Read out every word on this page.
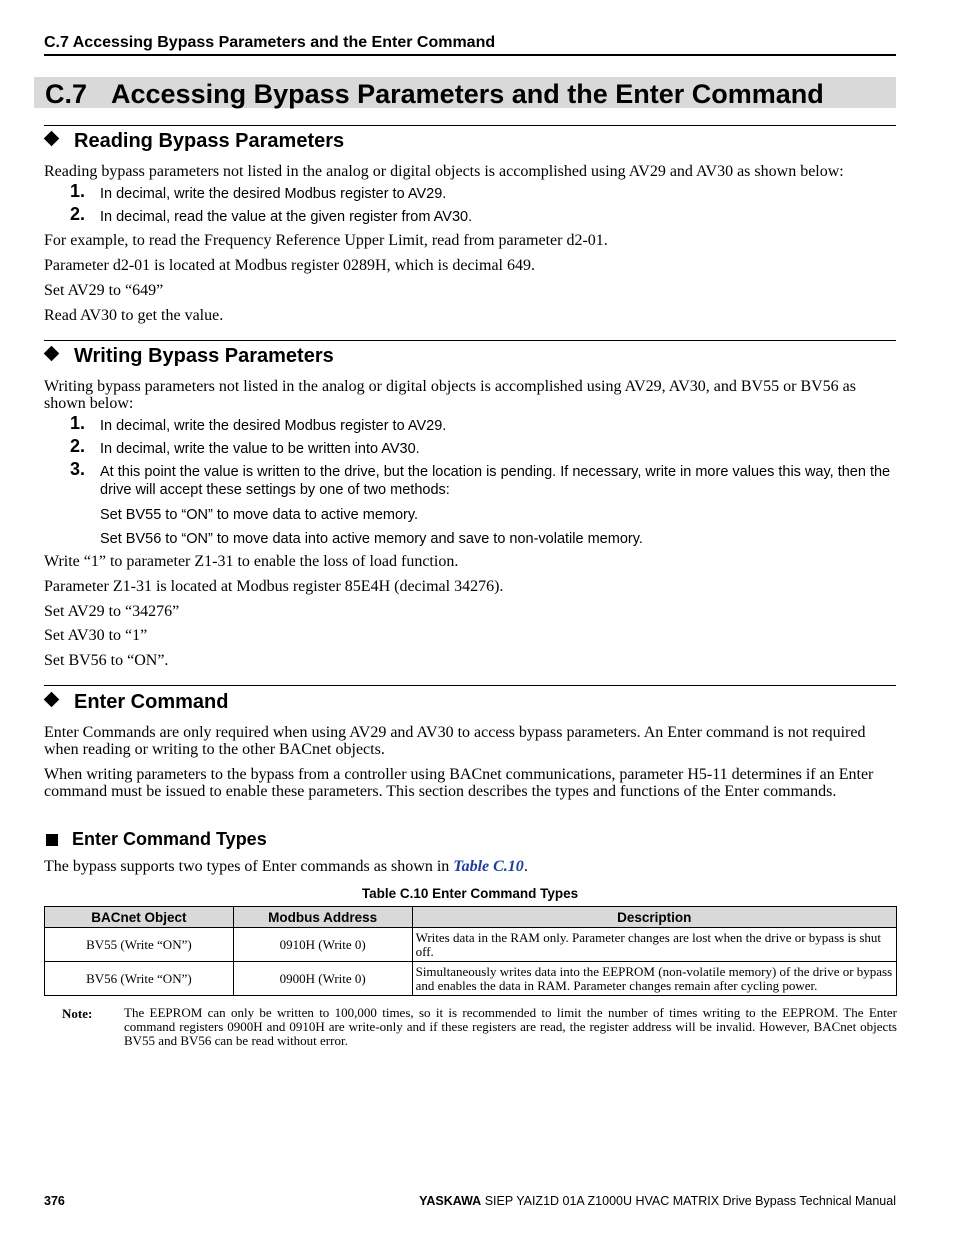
C.7 Accessing Bypass Parameters and the Enter Command
C.7 Accessing Bypass Parameters and the Enter Command
Reading Bypass Parameters
Reading bypass parameters not listed in the analog or digital objects is accomplished using AV29 and AV30 as shown below:
1. In decimal, write the desired Modbus register to AV29.
2. In decimal, read the value at the given register from AV30.
For example, to read the Frequency Reference Upper Limit, read from parameter d2-01.
Parameter d2-01 is located at Modbus register 0289H, which is decimal 649.
Set AV29 to “649”
Read AV30 to get the value.
Writing Bypass Parameters
Writing bypass parameters not listed in the analog or digital objects is accomplished using AV29, AV30, and BV55 or BV56 as shown below:
1. In decimal, write the desired Modbus register to AV29.
2. In decimal, write the value to be written into AV30.
3. At this point the value is written to the drive, but the location is pending. If necessary, write in more values this way, then the drive will accept these settings by one of two methods:
Set BV55 to “ON” to move data to active memory.
Set BV56 to “ON” to move data into active memory and save to non-volatile memory.
Write “1” to parameter Z1-31 to enable the loss of load function.
Parameter Z1-31 is located at Modbus register 85E4H (decimal 34276).
Set AV29 to “34276”
Set AV30 to “1”
Set BV56 to “ON”.
Enter Command
Enter Commands are only required when using AV29 and AV30 to access bypass parameters. An Enter command is not required when reading or writing to the other BACnet objects.
When writing parameters to the bypass from a controller using BACnet communications, parameter H5-11 determines if an Enter command must be issued to enable these parameters. This section describes the types and functions of the Enter commands.
Enter Command Types
The bypass supports two types of Enter commands as shown in Table C.10.
Table C.10 Enter Command Types
BACnet Object	Modbus Address	Description
BV55 (Write “ON”)	0910H (Write 0)	Writes data in the RAM only. Parameter changes are lost when the drive or bypass is shut off.
BV56 (Write “ON”)	0900H (Write 0)	Simultaneously writes data into the EEPROM (non-volatile memory) of the drive or bypass and enables the data in RAM. Parameter changes remain after cycling power.
Note: The EEPROM can only be written to 100,000 times, so it is recommended to limit the number of times writing to the EEPROM. The Enter command registers 0900H and 0910H are write-only and if these registers are read, the register address will be invalid. However, BACnet objects BV55 and BV56 can be read without error.
376	YASKAWA SIEP YAIZ1D 01A Z1000U HVAC MATRIX Drive Bypass Technical Manual
